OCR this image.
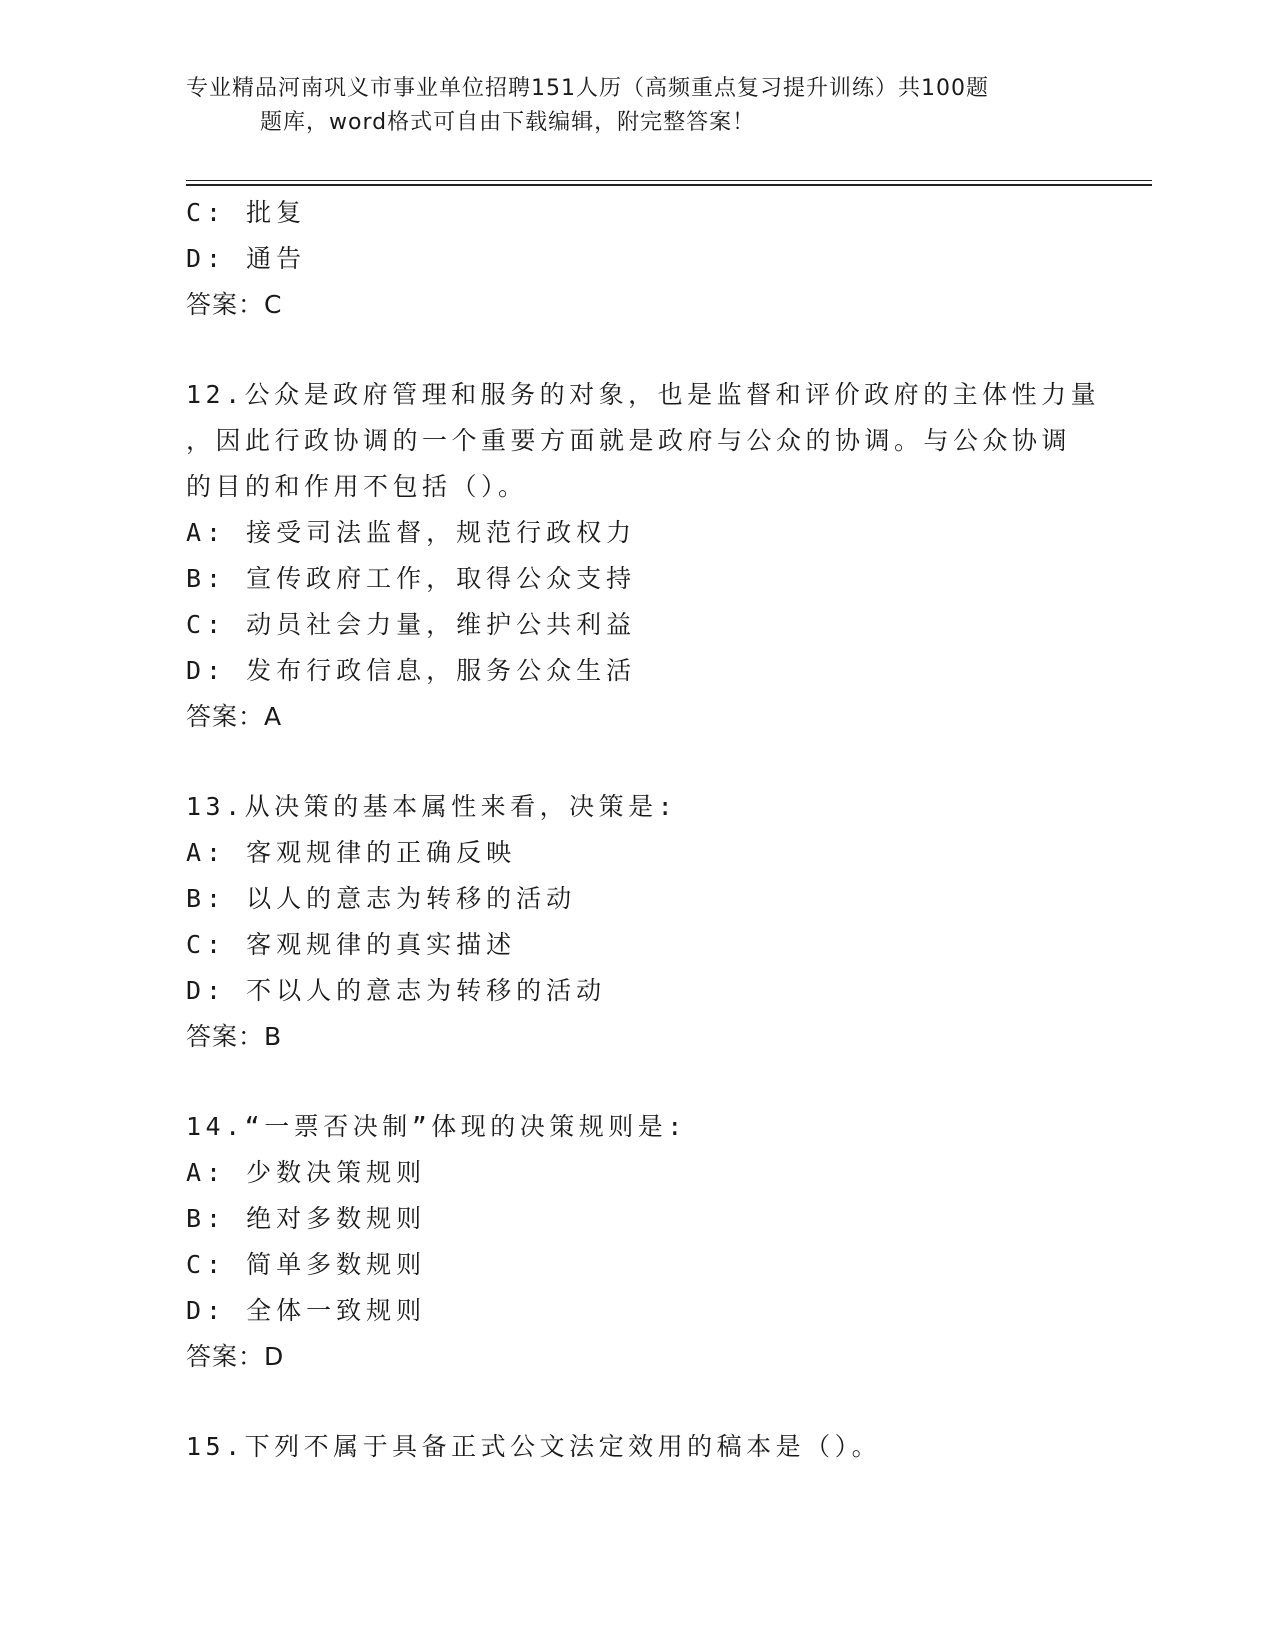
专业精品河南巩义市事业单位招聘151人历（高频重点复习提升训练）共100题
题库，word格式可自由下载编辑，附完整答案！
C: 批复
D: 通告
答案：C
12.公众是政府管理和服务的对象，也是监督和评价政府的主体性力量
，因此行政协调的一个重要方面就是政府与公众的协调。与公众协调
的目的和作用不包括（）。
A: 接受司法监督，规范行政权力
B: 宣传政府工作，取得公众支持
C: 动员社会力量，维护公共利益
D: 发布行政信息，服务公众生活
答案：A
13.从决策的基本属性来看，决策是:
A: 客观规律的正确反映
B: 以人的意志为转移的活动
C: 客观规律的真实描述
D: 不以人的意志为转移的活动
答案：B
14.“一票否决制”体现的决策规则是:
A: 少数决策规则
B: 绝对多数规则
C: 简单多数规则
D: 全体一致规则
答案：D
15.下列不属于具备正式公文法定效用的稿本是（）。
